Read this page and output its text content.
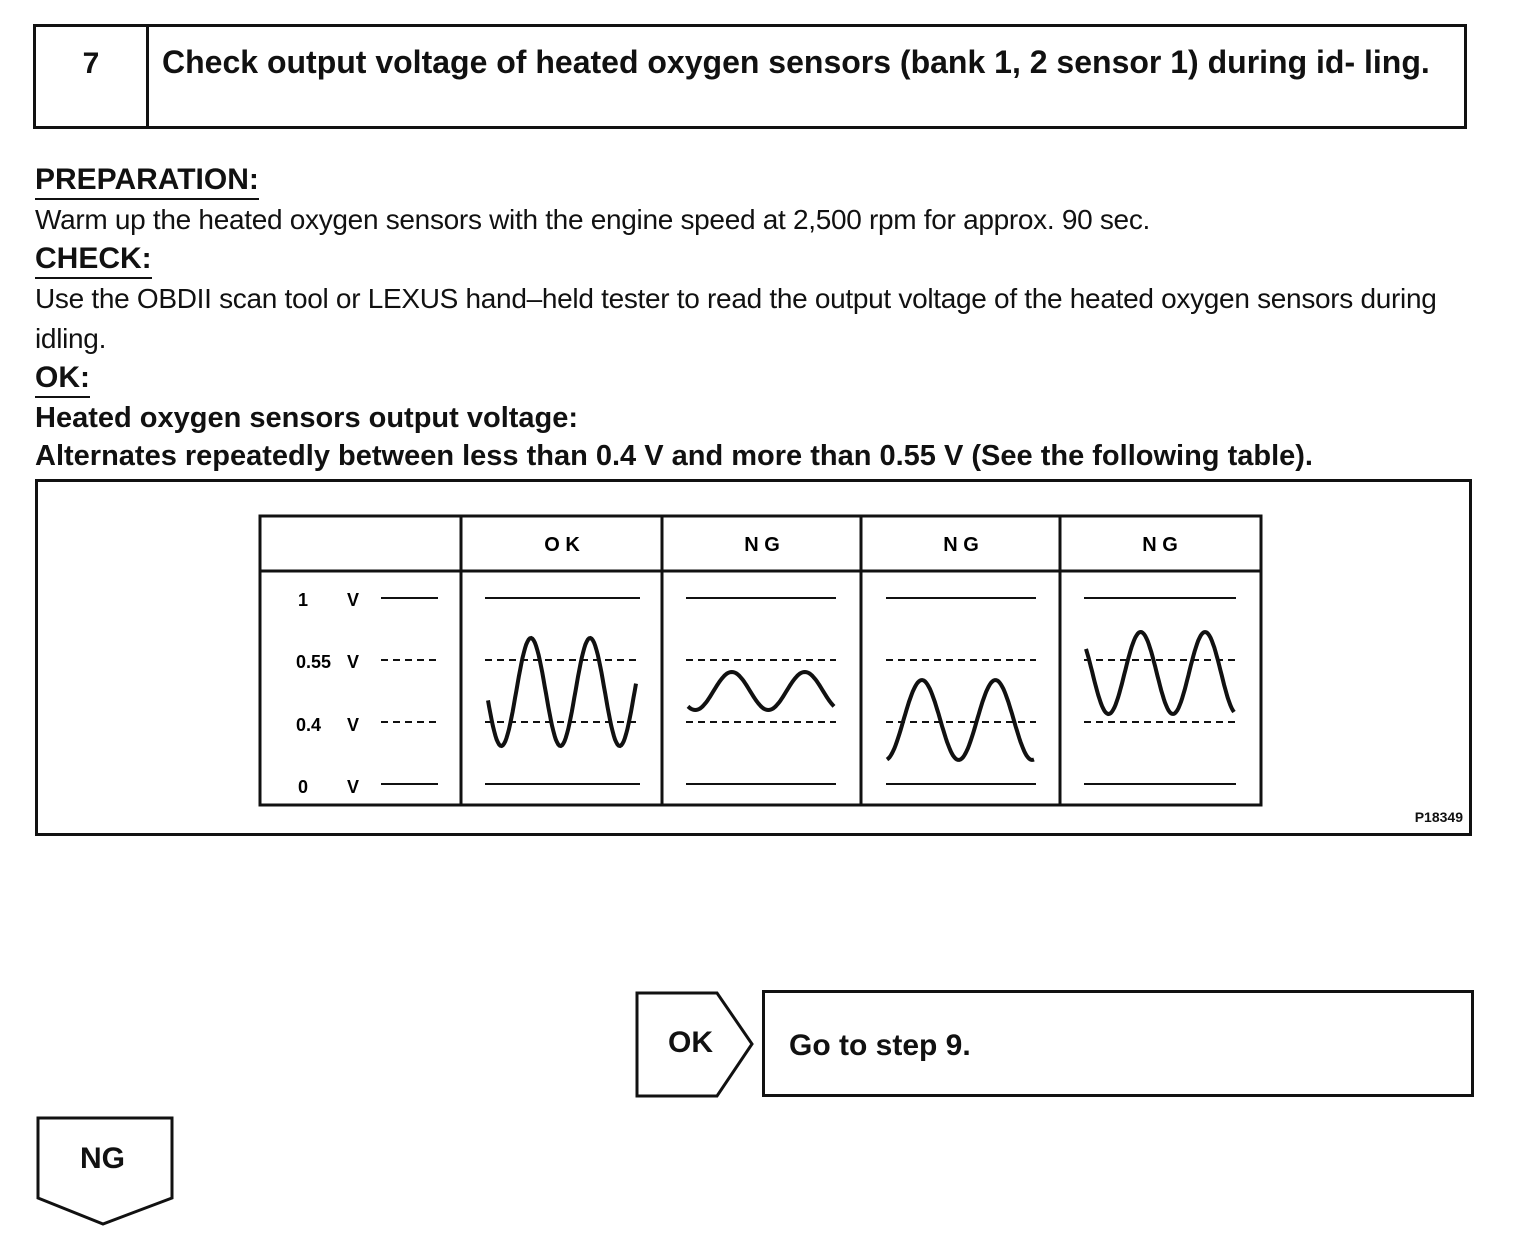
7	Check output voltage of heated oxygen sensors (bank 1, 2 sensor 1) during id- ling.
PREPARATION:
Warm up the heated oxygen sensors with the engine speed at 2,500 rpm for approx. 90 sec.
CHECK:
Use the OBDII scan tool or LEXUS hand–held tester to read the output voltage of the heated oxygen sensors during idling.
OK:
Heated oxygen sensors output voltage:
Alternates repeatedly between less than 0.4 V and more than 0.55 V (See the following table).
O K	N G	N G	N G
1 V
0.55 V
0.4 V
0 V
P18349
OK	Go to step 9.
NG
